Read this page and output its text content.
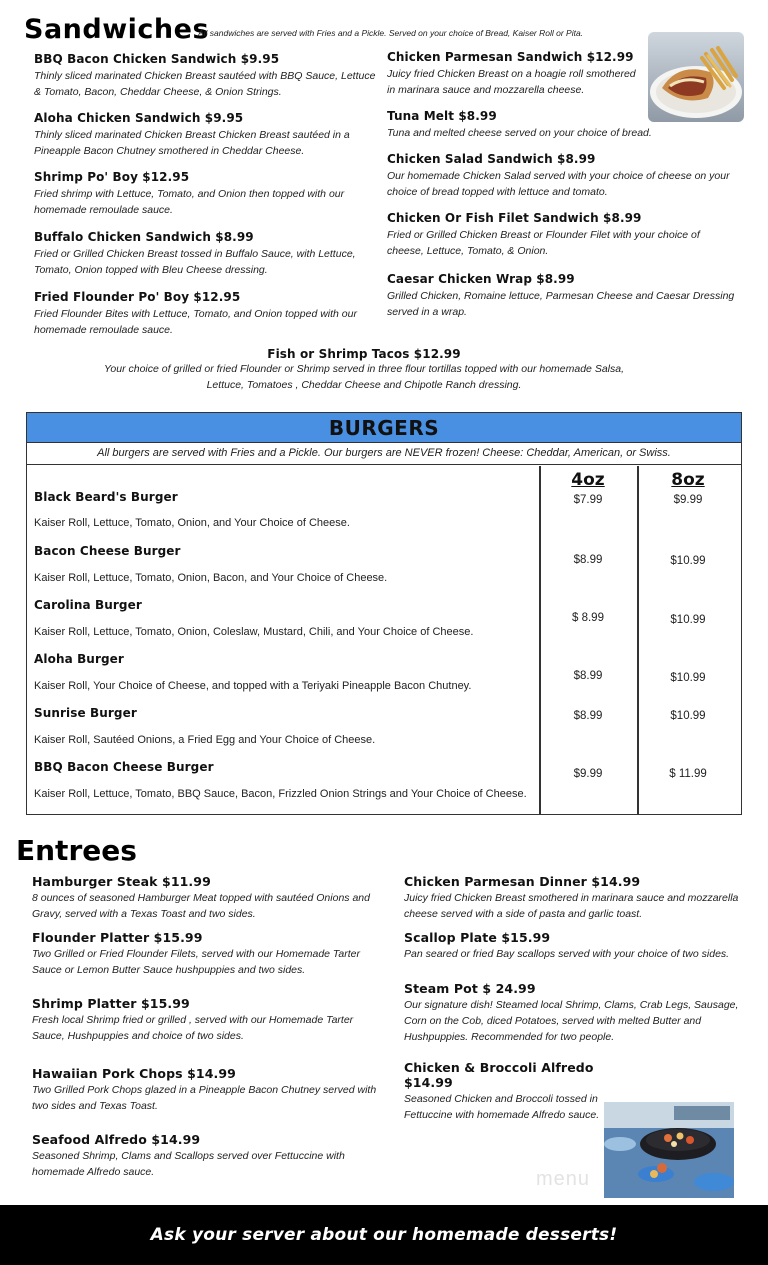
Sandwiches
All sandwiches are served with Fries and a Pickle. Served on your choice of Bread, Kaiser Roll or Pita.
BBQ Bacon Chicken Sandwich $9.95
Thinly sliced marinated Chicken Breast sautéed with BBQ Sauce, Lettuce & Tomato, Bacon, Cheddar Cheese, & Onion Strings.
Aloha Chicken Sandwich $9.95
Thinly sliced marinated Chicken Breast Chicken Breast sautéed in a Pineapple Bacon Chutney smothered in Cheddar Cheese.
Shrimp Po' Boy $12.95
Fried shrimp with Lettuce, Tomato, and Onion then topped with our homemade remoulade sauce.
Buffalo Chicken Sandwich $8.99
Fried or Grilled Chicken Breast tossed in Buffalo Sauce, with Lettuce, Tomato, Onion topped with Bleu Cheese dressing.
Fried Flounder Po' Boy $12.95
Fried Flounder Bites with Lettuce, Tomato, and Onion topped with our homemade remoulade sauce.
Chicken Parmesan Sandwich $12.99
Juicy fried Chicken Breast on a hoagie roll smothered in marinara sauce and mozzarella cheese.
Tuna Melt $8.99
Tuna and melted cheese served on your choice of bread.
Chicken Salad Sandwich $8.99
Our homemade Chicken Salad served with your choice of cheese on your choice of bread topped with lettuce and tomato.
Chicken Or Fish Filet Sandwich $8.99
Fried or Grilled Chicken Breast or Flounder Filet with your choice of cheese, Lettuce, Tomato, & Onion.
Caesar Chicken Wrap $8.99
Grilled Chicken, Romaine lettuce, Parmesan Cheese and Caesar Dressing served in a wrap.
Fish or Shrimp Tacos $12.99
Your choice of grilled or fried Flounder or Shrimp served in three flour tortillas topped with our homemade Salsa, Lettuce, Tomatoes , Cheddar Cheese and Chipotle Ranch dressing.
BURGERS
All burgers are served with Fries and a Pickle. Our burgers are NEVER frozen! Cheese: Cheddar, American, or Swiss.
4oz	8oz
Black Beard's Burger
Kaiser Roll, Lettuce, Tomato, Onion, and Your Choice of Cheese.
$7.99	$9.99
Bacon Cheese Burger
Kaiser Roll, Lettuce, Tomato, Onion, Bacon, and Your Choice of Cheese.
$8.99	$10.99
Carolina Burger
Kaiser Roll, Lettuce, Tomato, Onion, Coleslaw, Mustard, Chili, and Your Choice of Cheese.
$ 8.99	$10.99
Aloha Burger
Kaiser Roll, Your Choice of Cheese, and topped with a Teriyaki Pineapple Bacon Chutney.
$8.99	$10.99
Sunrise Burger
Kaiser Roll, Sautéed Onions, a Fried Egg and Your Choice of Cheese.
$8.99	$10.99
BBQ Bacon Cheese Burger
Kaiser Roll, Lettuce, Tomato, BBQ Sauce, Bacon, Frizzled Onion Strings and Your Choice of Cheese.
$9.99	$ 11.99
Entrees
Hamburger Steak $11.99
8 ounces of seasoned Hamburger Meat topped with sautéed Onions and Gravy, served with a Texas Toast and two sides.
Flounder Platter $15.99
Two Grilled or Fried Flounder Filets, served with our Homemade Tarter Sauce or Lemon Butter Sauce hushpuppies and two sides.
Shrimp Platter $15.99
Fresh local Shrimp fried or grilled , served with our Homemade Tarter Sauce, Hushpuppies and choice of two sides.
Hawaiian Pork Chops $14.99
Two Grilled Pork Chops glazed in a Pineapple Bacon Chutney served with two sides and Texas Toast.
Seafood Alfredo $14.99
Seasoned Shrimp, Clams and Scallops served over Fettuccine with homemade Alfredo sauce.
Chicken Parmesan Dinner $14.99
Juicy fried Chicken Breast smothered in marinara sauce and mozzarella cheese served with a side of pasta and garlic toast.
Scallop Plate $15.99
Pan seared or fried Bay scallops served with your choice of two sides.
Steam Pot $ 24.99
Our signature dish! Steamed local Shrimp, Clams, Crab Legs, Sausage, Corn on the Cob, diced Potatoes, served with melted Butter and Hushpuppies. Recommended for two people.
Chicken & Broccoli Alfredo $14.99
Seasoned Chicken and Broccoli tossed in Fettuccine with homemade Alfredo sauce.
menu
Ask your server about our homemade desserts!
